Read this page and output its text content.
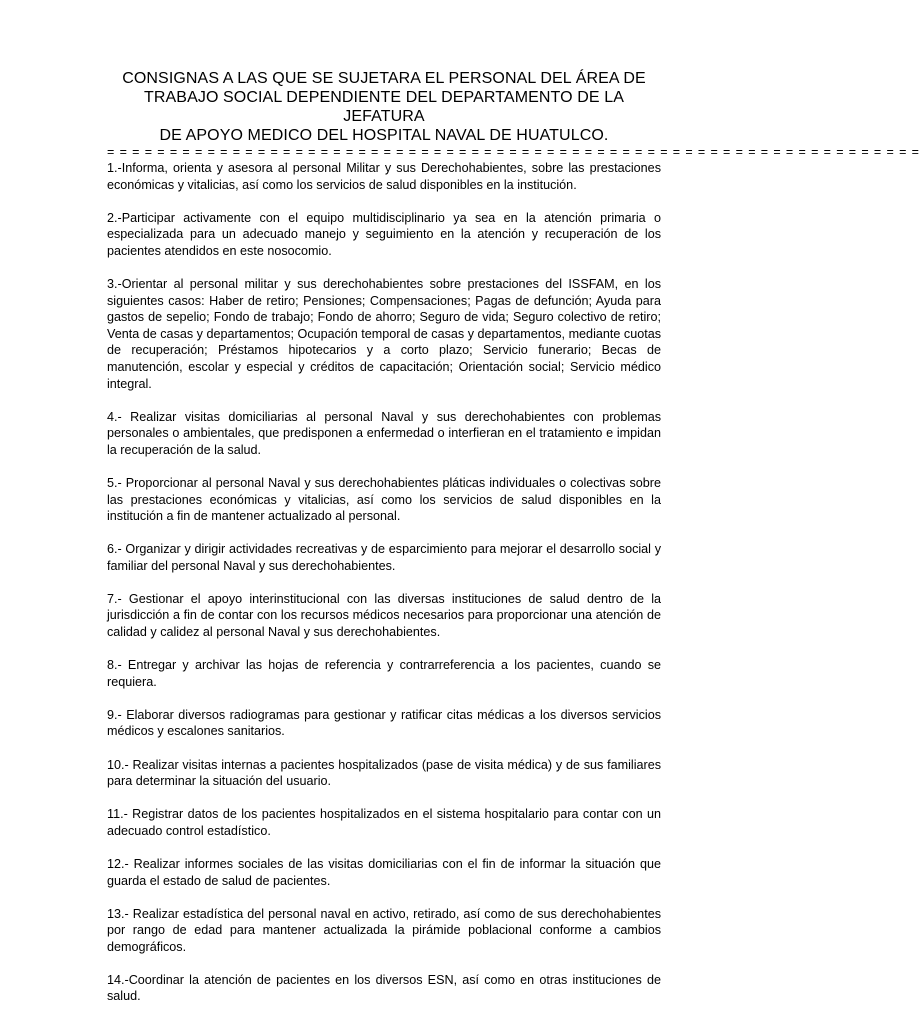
CONSIGNAS A LAS QUE SE SUJETARA EL PERSONAL DEL ÁREA DE
TRABAJO SOCIAL DEPENDIENTE DEL DEPARTAMENTO DE LA JEFATURA
DE APOYO MEDICO DEL HOSPITAL NAVAL DE HUATULCO.
= = = = = = = = = = = = = = = = = = = = = = = = = = = = = = = = = = = = = = = = = = = = = = = = = = = = = = = = = = = = = = = = =
1.-Informa, orienta y asesora al personal Militar y sus Derechohabientes, sobre las prestaciones económicas y vitalicias, así como los servicios de salud disponibles en la institución.
2.-Participar activamente con el equipo multidisciplinario ya sea en la atención primaria o especializada para un adecuado manejo y seguimiento en la atención y recuperación de los pacientes atendidos en este nosocomio.
3.-Orientar al personal militar y sus derechohabientes sobre prestaciones del ISSFAM, en los siguientes casos: Haber de retiro; Pensiones; Compensaciones; Pagas de defunción; Ayuda para gastos de sepelio; Fondo de trabajo; Fondo de ahorro; Seguro de vida; Seguro colectivo de retiro; Venta de casas y departamentos; Ocupación temporal de casas y departamentos, mediante cuotas de recuperación; Préstamos hipotecarios y a corto plazo; Servicio funerario; Becas de manutención, escolar y especial y créditos de capacitación; Orientación social; Servicio médico integral.
4.- Realizar visitas domiciliarias al personal Naval y sus derechohabientes con problemas personales o ambientales, que predisponen a enfermedad o interfieran en el tratamiento e impidan la recuperación de la salud.
5.- Proporcionar al personal Naval y sus derechohabientes pláticas individuales o colectivas sobre las prestaciones económicas y vitalicias, así como los servicios de salud disponibles en la institución a fin de mantener actualizado al personal.
6.- Organizar y dirigir actividades recreativas y de esparcimiento para mejorar el desarrollo social y familiar del personal Naval y sus derechohabientes.
7.- Gestionar el apoyo interinstitucional con las diversas instituciones de salud dentro de la jurisdicción a fin de contar con los recursos médicos necesarios para proporcionar una atención de calidad y calidez al personal Naval y sus derechohabientes.
8.- Entregar y archivar las hojas de referencia y contrarreferencia a los pacientes, cuando se requiera.
9.- Elaborar diversos radiogramas para gestionar y ratificar citas médicas a los diversos servicios médicos y escalones sanitarios.
10.- Realizar visitas internas a pacientes hospitalizados (pase de visita médica) y de sus familiares para determinar la situación del usuario.
11.- Registrar datos de los pacientes hospitalizados en el sistema hospitalario para contar con un adecuado control estadístico.
12.- Realizar informes sociales de las visitas domiciliarias con el fin de informar la situación que guarda el estado de salud de pacientes.
13.- Realizar estadística del personal naval en activo, retirado, así como de sus derechohabientes por rango de edad para mantener actualizada la pirámide poblacional conforme a cambios demográficos.
14.-Coordinar la atención de pacientes en los diversos ESN, así como en otras instituciones de salud.
